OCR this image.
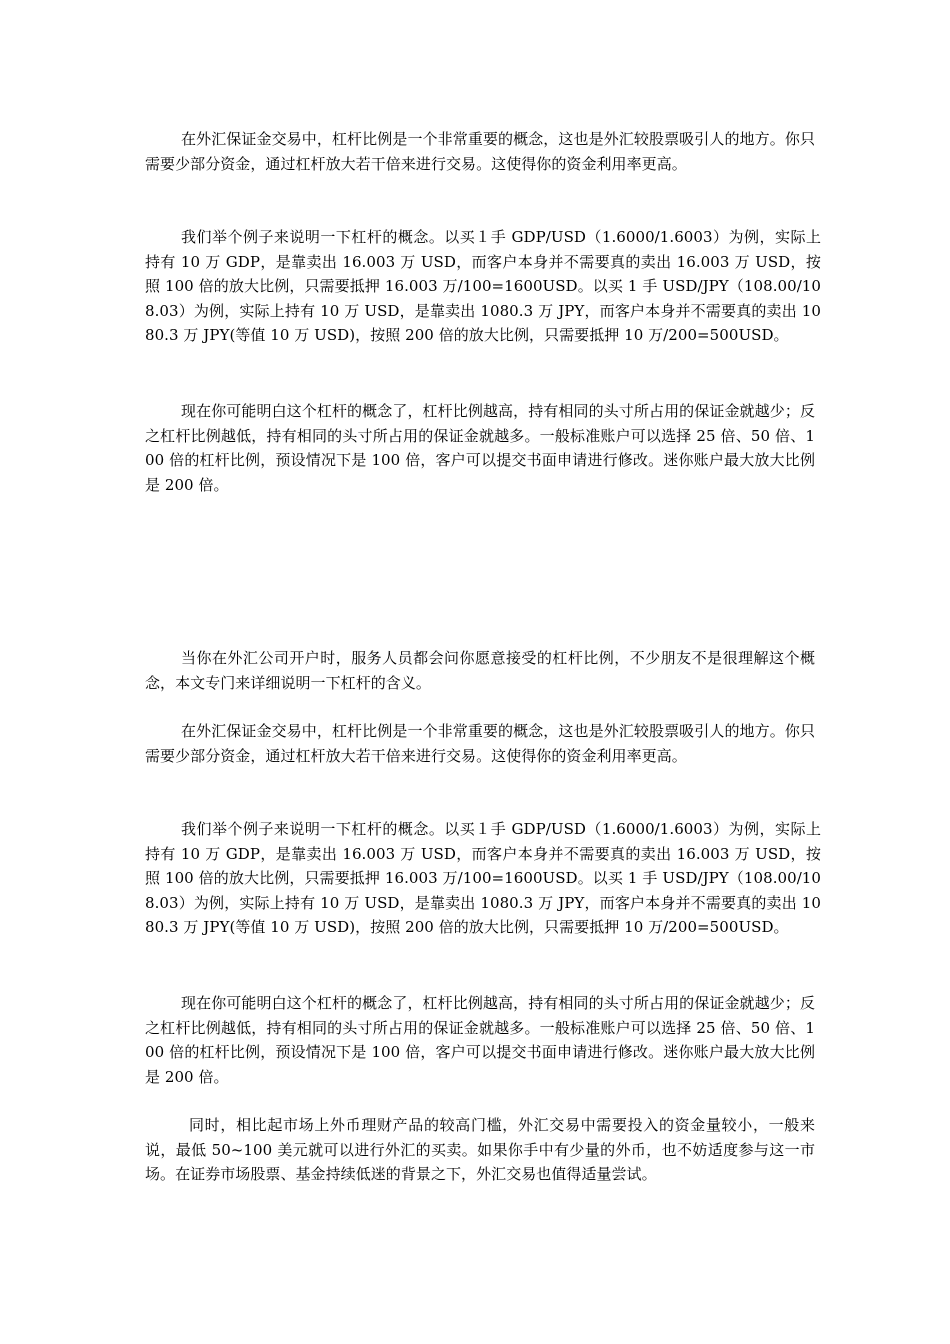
在外汇保证金交易中，杠杆比例是一个非常重要的概念，这也是外汇较股票吸引人的地方。你只需要少部分资金，通过杠杆放大若干倍来进行交易。这使得你的资金利用率更高。

我们举个例子来说明一下杠杆的概念。以买１手 GDP/USD（1.6000/1.6003）为例，实际上持有 10 万 GDP，是靠卖出 16.003 万 USD，而客户本身并不需要真的卖出 16.003 万 USD，按照 100 倍的放大比例，只需要抵押 16.003 万/100=1600USD。以买 1 手 USD/JPY（108.00/108.03）为例，实际上持有 10 万 USD，是靠卖出 1080.3 万 JPY，而客户本身并不需要真的卖出 1080.3 万 JPY(等值 10 万 USD)，按照 200 倍的放大比例，只需要抵押 10 万/200=500USD。

现在你可能明白这个杠杆的概念了，杠杆比例越高，持有相同的头寸所占用的保证金就越少；反之杠杆比例越低，持有相同的头寸所占用的保证金就越多。一般标准账户可以选择 25 倍、50 倍、100 倍的杠杆比例，预设情况下是 100 倍，客户可以提交书面申请进行修改。迷你账户最大放大比例是 200 倍。

当你在外汇公司开户时，服务人员都会问你愿意接受的杠杆比例，不少朋友不是很理解这个概念，本文专门来详细说明一下杠杆的含义。

在外汇保证金交易中，杠杆比例是一个非常重要的概念，这也是外汇较股票吸引人的地方。你只需要少部分资金，通过杠杆放大若干倍来进行交易。这使得你的资金利用率更高。

我们举个例子来说明一下杠杆的概念。以买１手 GDP/USD（1.6000/1.6003）为例，实际上持有 10 万 GDP，是靠卖出 16.003 万 USD，而客户本身并不需要真的卖出 16.003 万 USD，按照 100 倍的放大比例，只需要抵押 16.003 万/100=1600USD。以买 1 手 USD/JPY（108.00/108.03）为例，实际上持有 10 万 USD，是靠卖出 1080.3 万 JPY，而客户本身并不需要真的卖出 1080.3 万 JPY(等值 10 万 USD)，按照 200 倍的放大比例，只需要抵押 10 万/200=500USD。

现在你可能明白这个杠杆的概念了，杠杆比例越高，持有相同的头寸所占用的保证金就越少；反之杠杆比例越低，持有相同的头寸所占用的保证金就越多。一般标准账户可以选择 25 倍、50 倍、100 倍的杠杆比例，预设情况下是 100 倍，客户可以提交书面申请进行修改。迷你账户最大放大比例是 200 倍。

同时，相比起市场上外币理财产品的较高门槛，外汇交易中需要投入的资金量较小，一般来说，最低 50~100 美元就可以进行外汇的买卖。如果你手中有少量的外币，也不妨适度参与这一市场。在证券市场股票、基金持续低迷的背景之下，外汇交易也值得适量尝试。
